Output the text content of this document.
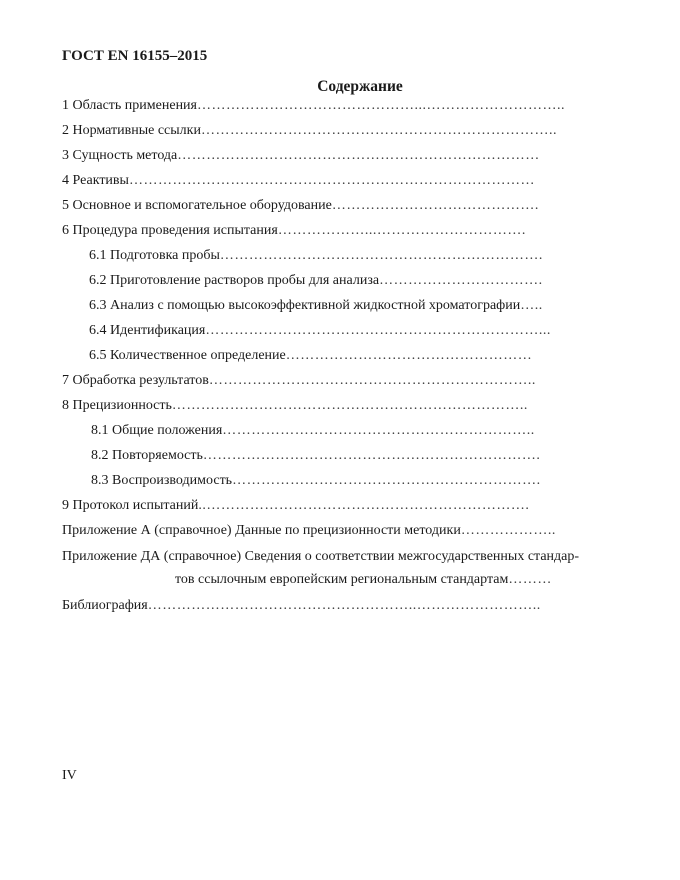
ГОСТ EN 16155–2015
Содержание
1 Область применения………………………………………...………………………..
2 Нормативные ссылки………………………………………………………………..
3 Сущность метода…………………………………………………………………
4 Реактивы…………………………………………………………………………
5 Основное и вспомогательное оборудование…………………………………….
6 Процедура проведения испытания………………...………………………….
6.1 Подготовка пробы………………………………………………………….
6.2 Приготовление растворов пробы для анализа…………………………….
6.3 Анализ с помощью высокоэффективной жидкостной хроматографии…..
6.4 Идентификация……………………………………………………………...
6.5 Количественное определение……………………………………………
7 Обработка результатов…………………………………………………………..
8 Прецизионность………………………………………………………………..
8.1 Общие положения………………………………………………………..
8.2 Повторяемость…………………………………………………………….
8.3 Воспроизводимость……………………………………………………….
9 Протокол испытаний..………………………………………………………….
Приложение А (справочное) Данные по прецизионности методики………………..
Приложение ДА (справочное) Сведения о соответствии межгосударственных стандар-
тов ссылочным европейским региональным стандартам………
Библиография………………………………………………..……………………..
IV
